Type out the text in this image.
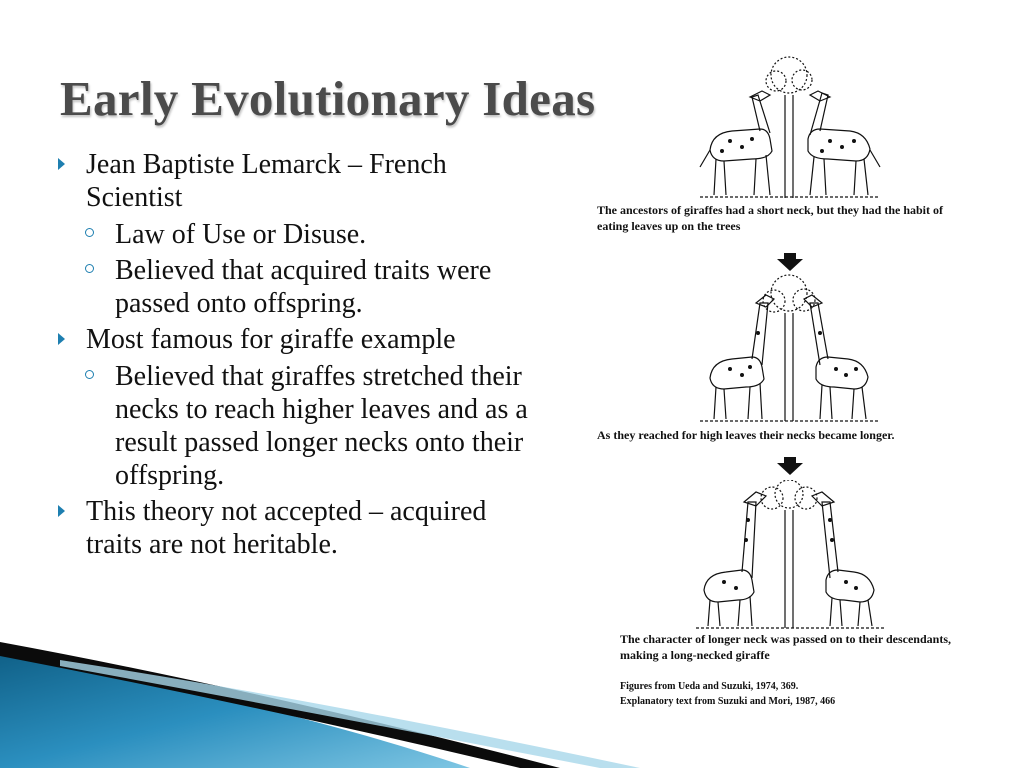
Early Evolutionary Ideas
Jean Baptiste Lemarck – French Scientist
Law of Use or Disuse.
Believed that acquired traits were passed onto offspring.
Most famous for giraffe example
Believed that giraffes stretched their necks to reach higher leaves and as a result passed longer necks onto their offspring.
This theory not accepted – acquired traits are not heritable.
The ancestors of giraffes had a short neck, but they had the habit of eating leaves up on the trees
As they reached for high leaves their necks became longer.
The character of longer neck was passed on to their descendants, making a long-necked giraffe
Figures from Ueda and Suzuki, 1974, 369.
Explanatory text from Suzuki and Mori, 1987, 466
